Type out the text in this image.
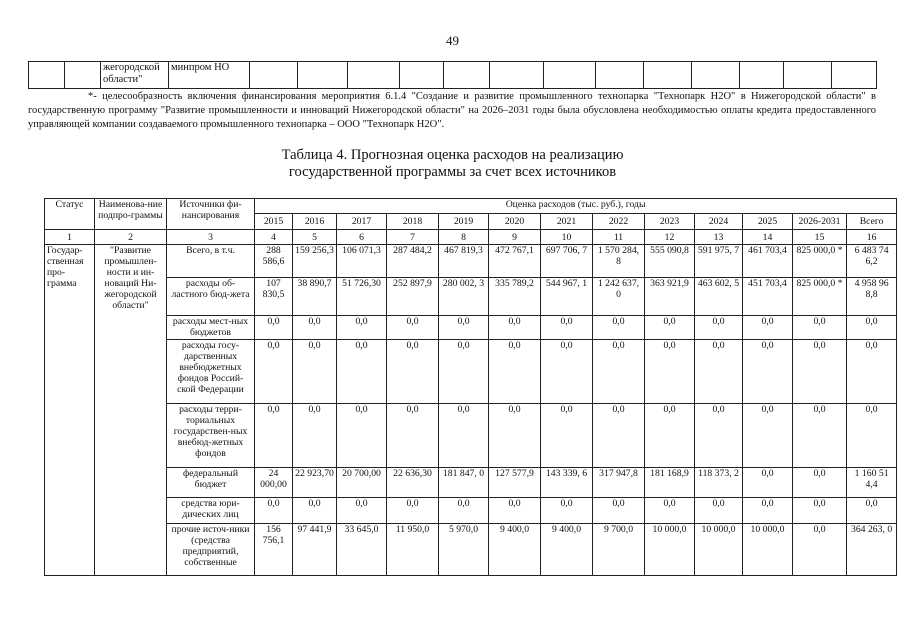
49
		жегородской области"	минпром НО													

*- целесообразность включения финансирования мероприятия 6.1.4 "Создание и развитие промышленного технопарка "Технопарк H2O" в Нижегородской области" в государственную программу "Развитие промышленности и инноваций Нижегородской области" на 2026–2031 годы была обусловлена необходимостью оплаты кредита предоставленного управляющей компании создаваемого промышленного технопарка – ООО "Технопарк H2O".

Таблица 4. Прогнозная оценка расходов на реализацию
государственной программы за счет всех источников
Статус	Наименова-ние подпро-граммы	Источники фи-нансирования	Оценка расходов (тыс. руб.), годы												
			2015	2016	2017	2018	2019	2020	2021	2022	2023	2024	2025	2026-2031	Всего
1	2	3	4	5	6	7	8	9	10	11	12	13	14	15	16
Государ-ственная про-грамма	"Развитие промышлен-ности и ин-новаций Ни-жегородской области"	Всего, в т.ч.	288 586,6	159 256,3	106 071,3	287 484,2	467 819,3	472 767,1	697 706, 7	1 570 284, 8	555 090,8	591 975, 7	461 703,4	825 000,0 *	6 483 74 6,2
		расходы об-ластного бюд-жета	107 830,5	38 890,7	51 726,30	252 897,9	280 002, 3	335 789,2	544 967, 1	1 242 637, 0	363 921,9	463 602, 5	451 703,4	825 000,0 *	4 958 96 8,8
		расходы мест-ных бюджетов	0,0	0,0	0,0	0,0	0,0	0,0	0,0	0,0	0,0	0,0	0,0	0,0	0,0
		расходы госу-дарственных внебюджетных фондов Россий-ской Федерации	0,0	0,0	0,0	0,0	0,0	0,0	0,0	0,0	0,0	0,0	0,0	0,0	0,0
		расходы терри-ториальных государствен-ных внебюд-жетных фондов	0,0	0,0	0,0	0,0	0,0	0,0	0,0	0,0	0,0	0,0	0,0	0,0	0,0
		федеральный бюджет	24 000,00	22 923,70	20 700,00	22 636,30	181 847, 0	127 577,9	143 339, 6	317 947,8	181 168,9	118 373, 2	0,0	0,0	1 160 51 4,4
		средства юри-дических лиц	0,0	0,0	0,0	0,0	0,0	0,0	0,0	0,0	0,0	0,0	0,0	0,0	0,0
		прочие источ-ники (средства предприятий, собственные	156 756,1	97 441,9	33 645,0	11 950,0	5 970,0	9 400,0	9 400,0	9 700,0	10 000,0	10 000,0	10 000,0	0,0	364 263, 0
